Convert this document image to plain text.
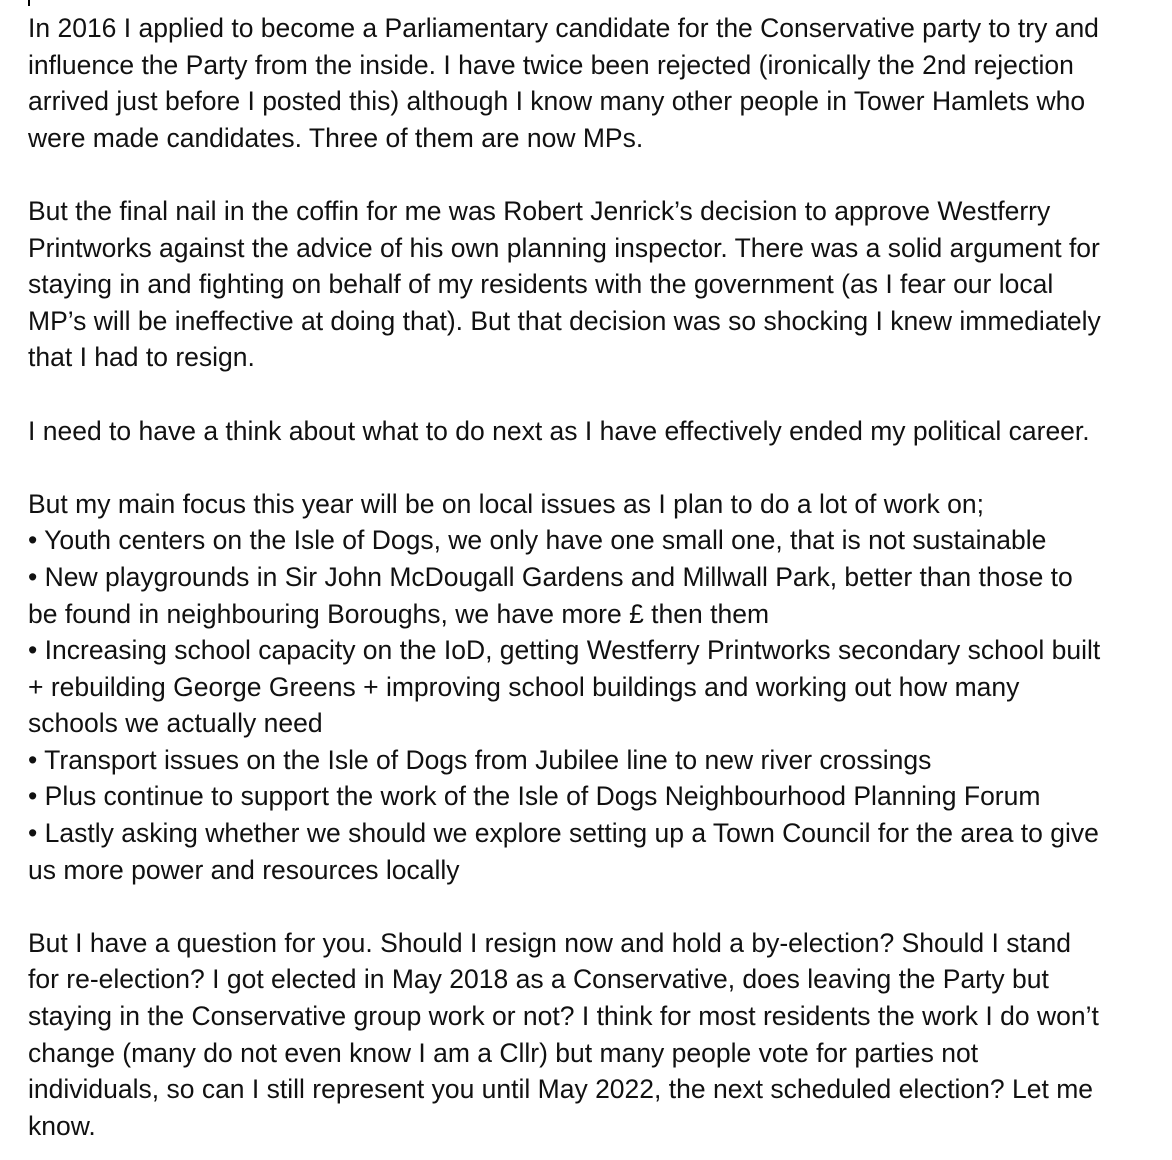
In 2016 I applied to become a Parliamentary candidate for the Conservative party to try and
influence the Party from the inside. I have twice been rejected (ironically the 2nd rejection
arrived just before I posted this) although I know many other people in Tower Hamlets who
were made candidates. Three of them are now MPs.

But the final nail in the coffin for me was Robert Jenrick’s decision to approve Westferry
Printworks against the advice of his own planning inspector. There was a solid argument for
staying in and fighting on behalf of my residents with the government (as I fear our local
MP’s will be ineffective at doing that). But that decision was so shocking I knew immediately
that I had to resign.

I need to have a think about what to do next as I have effectively ended my political career.

But my main focus this year will be on local issues as I plan to do a lot of work on;
• Youth centers on the Isle of Dogs, we only have one small one, that is not sustainable
• New playgrounds in Sir John McDougall Gardens and Millwall Park, better than those to
be found in neighbouring Boroughs, we have more £ then them
• Increasing school capacity on the IoD, getting Westferry Printworks secondary school built
+ rebuilding George Greens + improving school buildings and working out how many
schools we actually need
• Transport issues on the Isle of Dogs from Jubilee line to new river crossings
• Plus continue to support the work of the Isle of Dogs Neighbourhood Planning Forum
• Lastly asking whether we should we explore setting up a Town Council for the area to give
us more power and resources locally

But I have a question for you. Should I resign now and hold a by-election? Should I stand
for re-election? I got elected in May 2018 as a Conservative, does leaving the Party but
staying in the Conservative group work or not? I think for most residents the work I do won’t
change (many do not even know I am a Cllr) but many people vote for parties not
individuals, so can I still represent you until May 2022, the next scheduled election? Let me
know.
